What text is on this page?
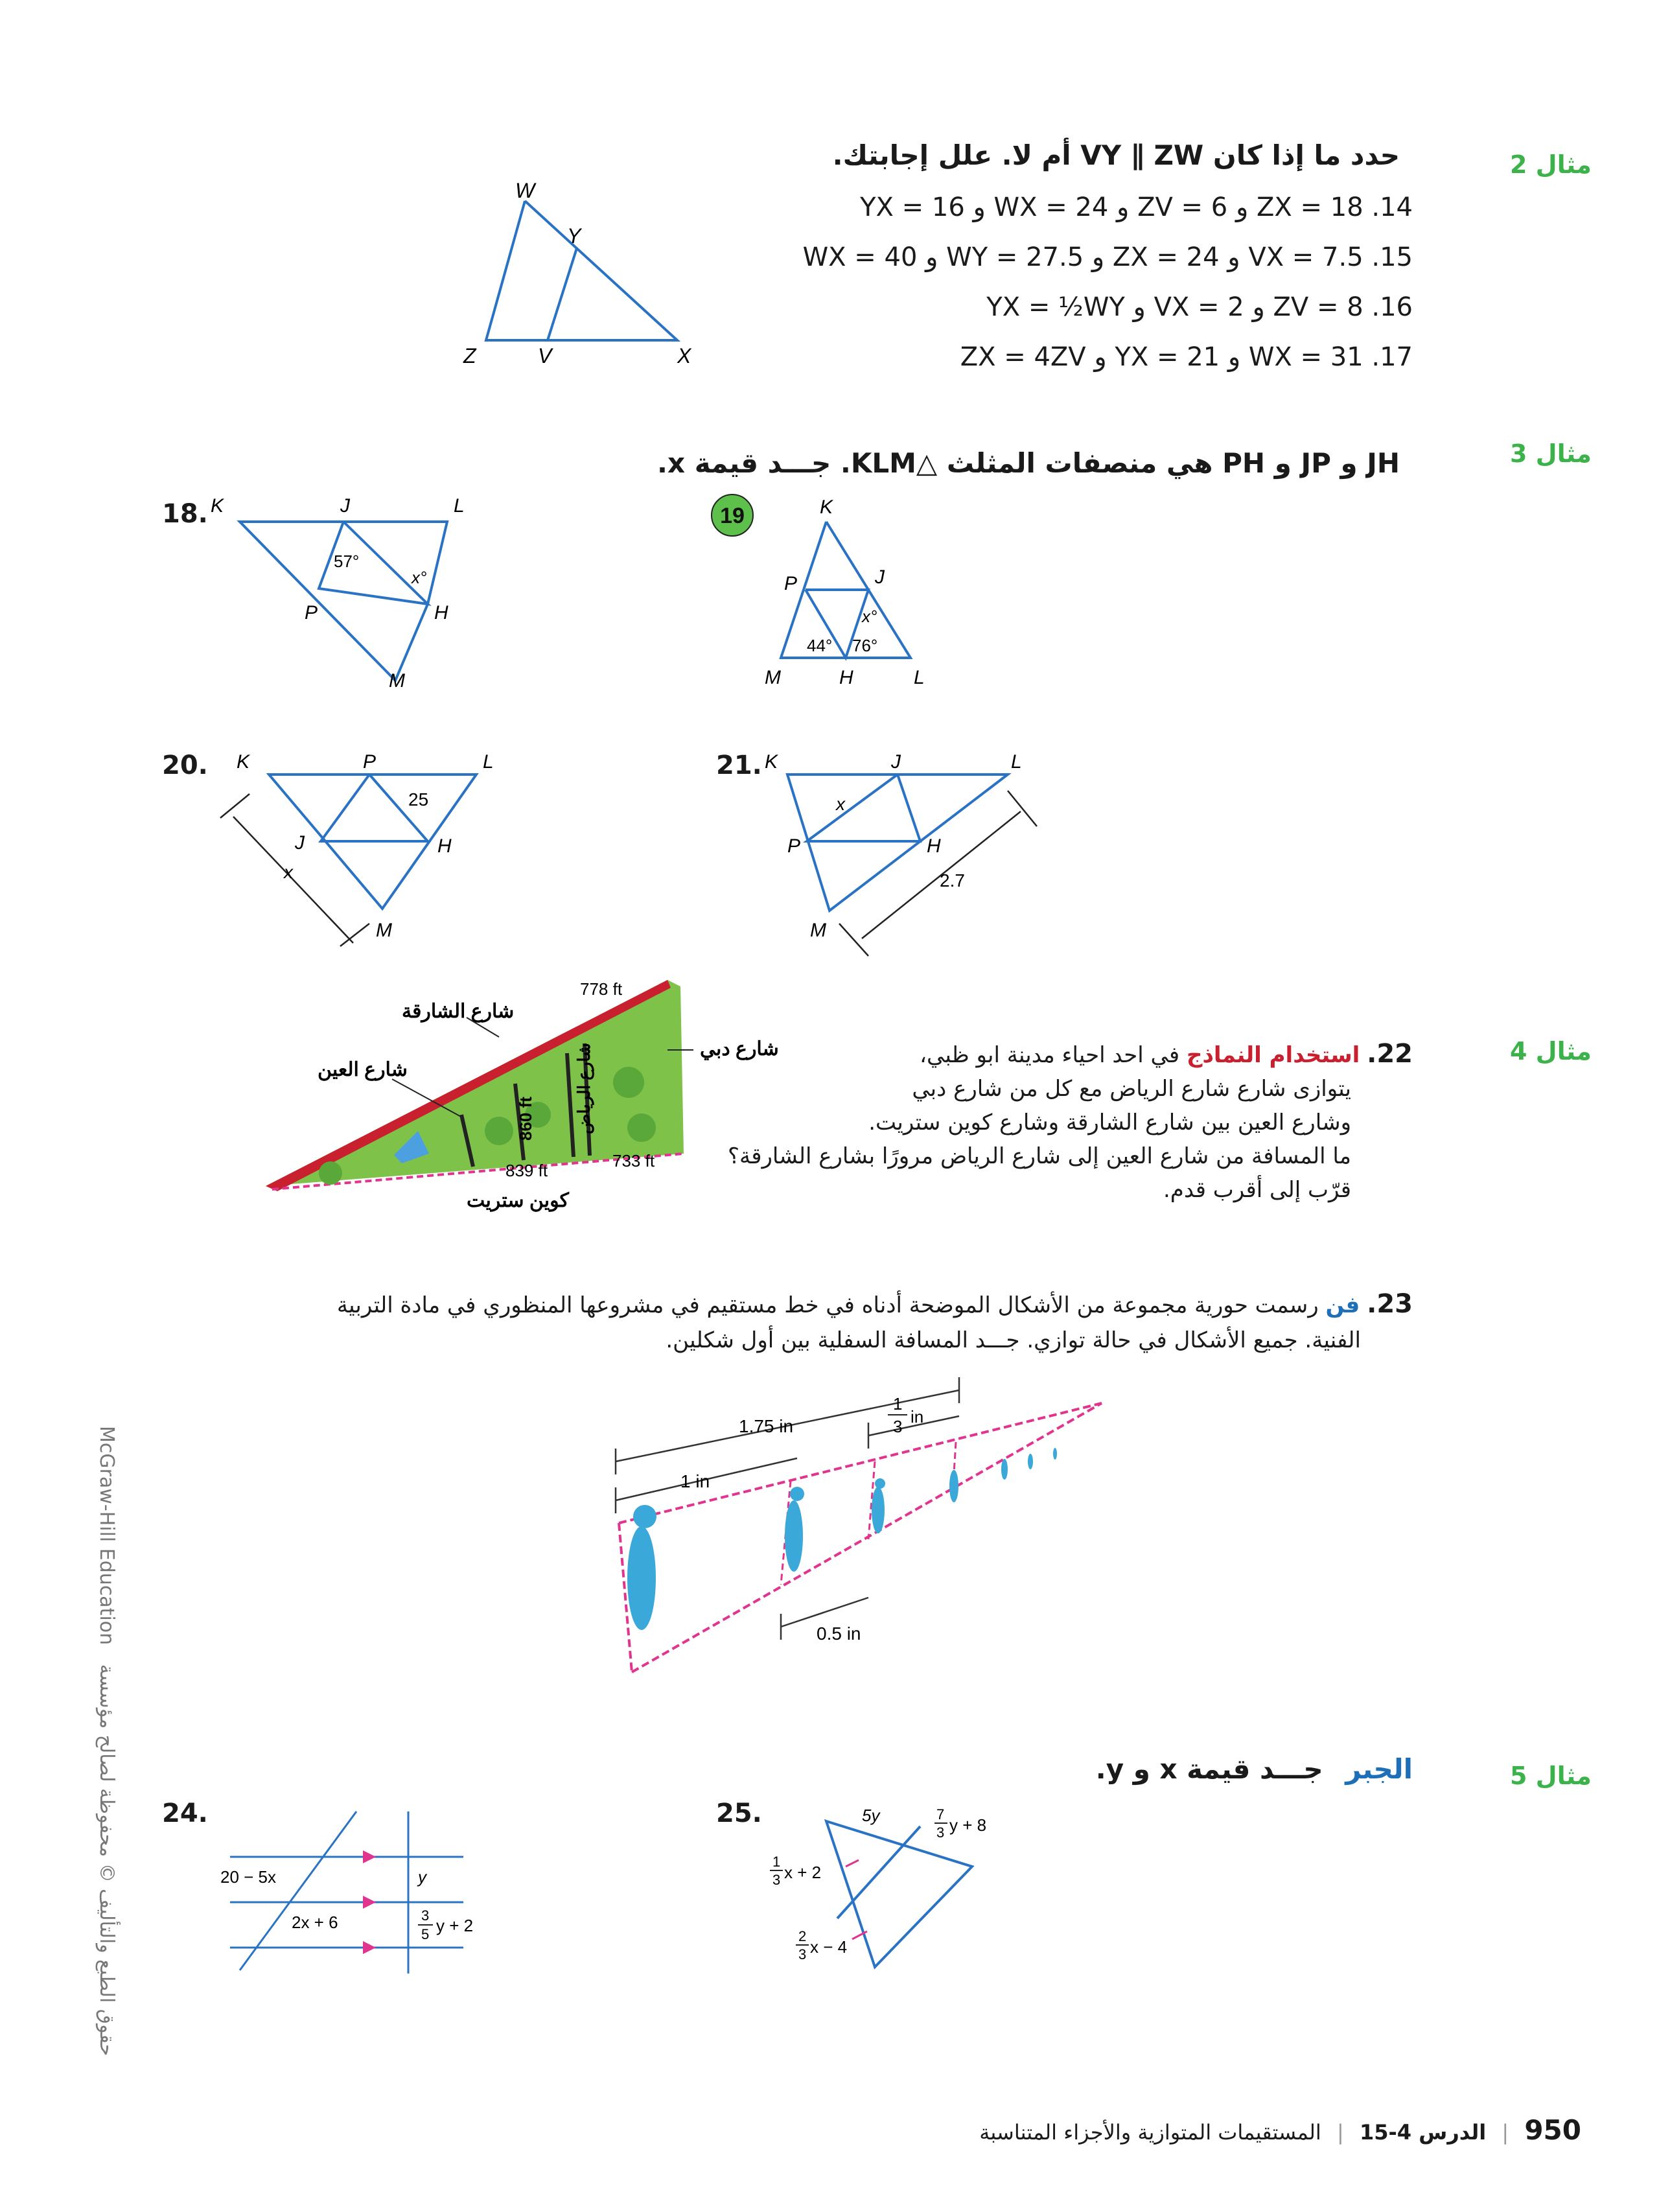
مثال 2
حدد ما إذا كان VY ∥ ZW أم لا. علل إجابتك.
14. ZX = 18 و ZV = 6 و WX = 24 و YX = 16
15. VX = 7.5 و ZX = 24 و WY = 27.5 و WX = 40
16. ZV = 8 و VX = 2 و YX = ½WY
17. WX = 31 و YX = 21 و ZX = 4ZV
W
Y
Z	V	X
مثال 3
JH و JP و PH هي منصفات المثلث △KLM. جـــد قيمة x.
18. K	J	L
P	H
M
57°
x°
19	K
P	J
M	H	L
x°
44° 76°
20. K	P	L
J	H
M
25
x
21. K	J	L
P	H
M
x
2.7
مثال 4
22. استخدام النماذج في احد احياء مدينة ابو ظبي،
يتوازى شارع شارع الرياض مع كل من شارع دبي
وشارع العين بين شارع الشارقة وشارع كوين ستريت.
ما المسافة من شارع العين إلى شارع الرياض مرورًا بشارع الشارقة؟
قرّب إلى أقرب قدم.
شارع الشارقة
شارع العين
شارع دبي
كوين ستريت
778 ft
860 ft شارع الرياض
839 ft	733 ft
23. فن رسمت حورية مجموعة من الأشكال الموضحة أدناه في خط مستقيم في مشروعها المنظوري في مادة التربية
الفنية. جميع الأشكال في حالة توازي. جـــد المسافة السفلية بين أول شكلين.
1.75 in
1 in
1
3 in
0.5 in
مثال 5
الجبر جـــد قيمة x و y.
24.
20 − 5x
2x + 6
y
3
5 y + 2
25.	5y	7
3 y + 8
1
3 x + 2
2
3 x − 4
McGraw-Hill Education حقوق الطبع والتأليف © محفوظة لصالح مؤسسة
950 | الدرس 4-15 | المستقيمات المتوازية والأجزاء المتناسبة
